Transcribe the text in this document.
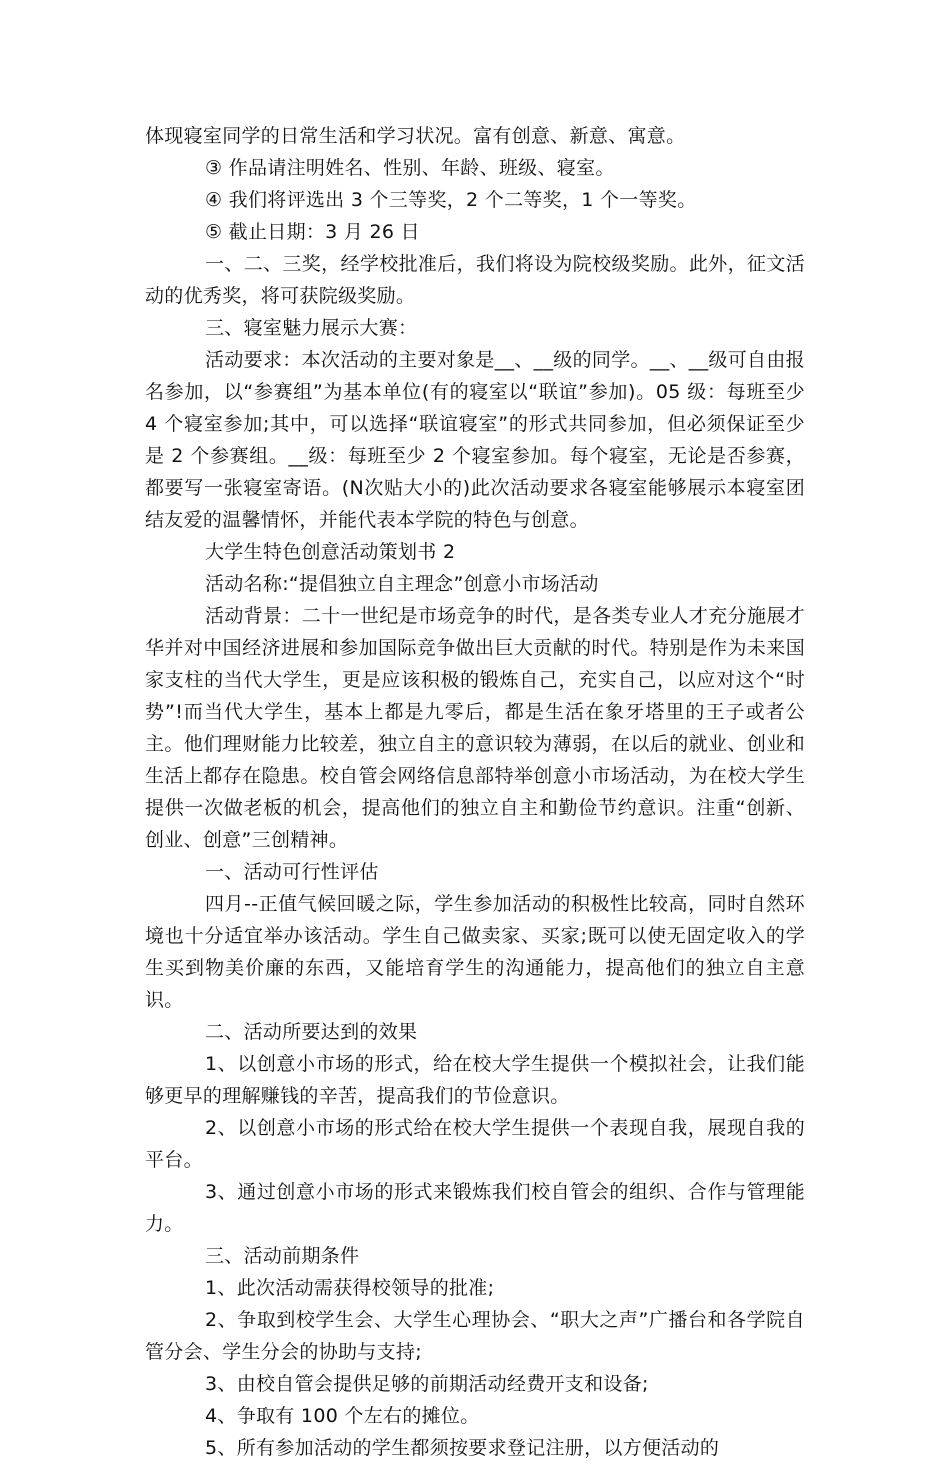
体现寝室同学的日常生活和学习状况。富有创意、新意、寓意。

③ 作品请注明姓名、性别、年龄、班级、寝室。

④ 我们将评选出 3 个三等奖，2 个二等奖，1 个一等奖。

⑤ 截止日期：3 月 26 日

一、二、三奖，经学校批准后，我们将设为院校级奖励。此外，征文活动的优秀奖，将可获院级奖励。

三、寝室魅力展示大赛：

活动要求：本次活动的主要对象是__、__级的同学。__、__级可自由报名参加，以“参赛组”为基本单位(有的寝室以“联谊”参加)。05 级：每班至少 4 个寝室参加;其中，可以选择“联谊寝室”的形式共同参加，但必须保证至少是 2 个参赛组。__级：每班至少 2 个寝室参加。每个寝室，无论是否参赛，都要写一张寝室寄语。(N次贴大小的)此次活动要求各寝室能够展示本寝室团结友爱的温馨情怀，并能代表本学院的特色与创意。

大学生特色创意活动策划书 2

活动名称:“提倡独立自主理念”创意小市场活动

活动背景：二十一世纪是市场竞争的时代，是各类专业人才充分施展才华并对中国经济进展和参加国际竞争做出巨大贡献的时代。特别是作为未来国家支柱的当代大学生，更是应该积极的锻炼自己，充实自己，以应对这个“时势”!而当代大学生，基本上都是九零后，都是生活在象牙塔里的王子或者公主。他们理财能力比较差，独立自主的意识较为薄弱，在以后的就业、创业和生活上都存在隐患。校自管会网络信息部特举创意小市场活动，为在校大学生提供一次做老板的机会，提高他们的独立自主和勤俭节约意识。注重“创新、创业、创意”三创精神。

一、活动可行性评估

四月--正值气候回暖之际，学生参加活动的积极性比较高，同时自然环境也十分适宜举办该活动。学生自己做卖家、买家;既可以使无固定收入的学生买到物美价廉的东西，又能培育学生的沟通能力，提高他们的独立自主意识。

二、活动所要达到的效果

1、以创意小市场的形式，给在校大学生提供一个模拟社会，让我们能够更早的理解赚钱的辛苦，提高我们的节俭意识。

2、以创意小市场的形式给在校大学生提供一个表现自我，展现自我的平台。

3、通过创意小市场的形式来锻炼我们校自管会的组织、合作与管理能力。

三、活动前期条件

1、此次活动需获得校领导的批准;

2、争取到校学生会、大学生心理协会、“职大之声”广播台和各学院自管分会、学生分会的协助与支持;

3、由校自管会提供足够的前期活动经费开支和设备;

4、争取有 100 个左右的摊位。

5、所有参加活动的学生都须按要求登记注册，以方便活动的
